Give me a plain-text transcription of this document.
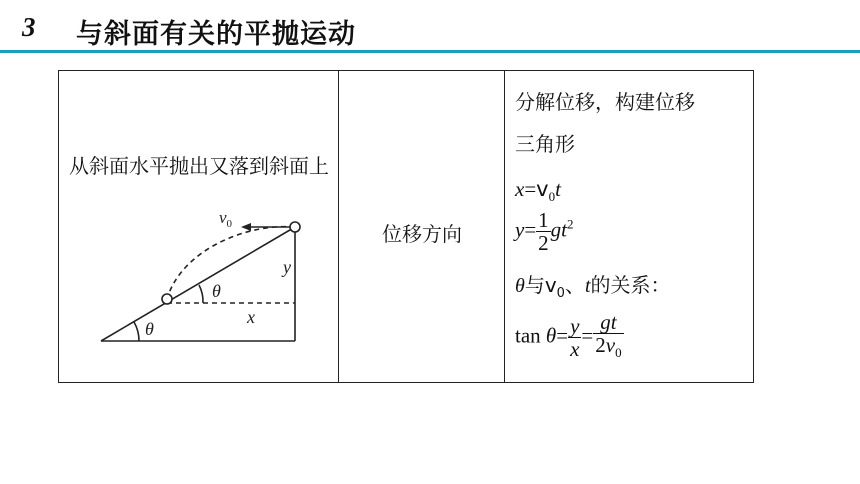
3 与斜面有关的平抛运动
从斜面水平抛出又落到斜面上
$v_0$
y
x
θ
θ
位移方向
分解位移，构建位移
三角形
$x=v_0t$
$y= \frac{1}{2} gt^2$
θ与$v_0$、t的关系：
$\tan \theta= \frac{y}{x} = \frac{gt}{2v_0}$
